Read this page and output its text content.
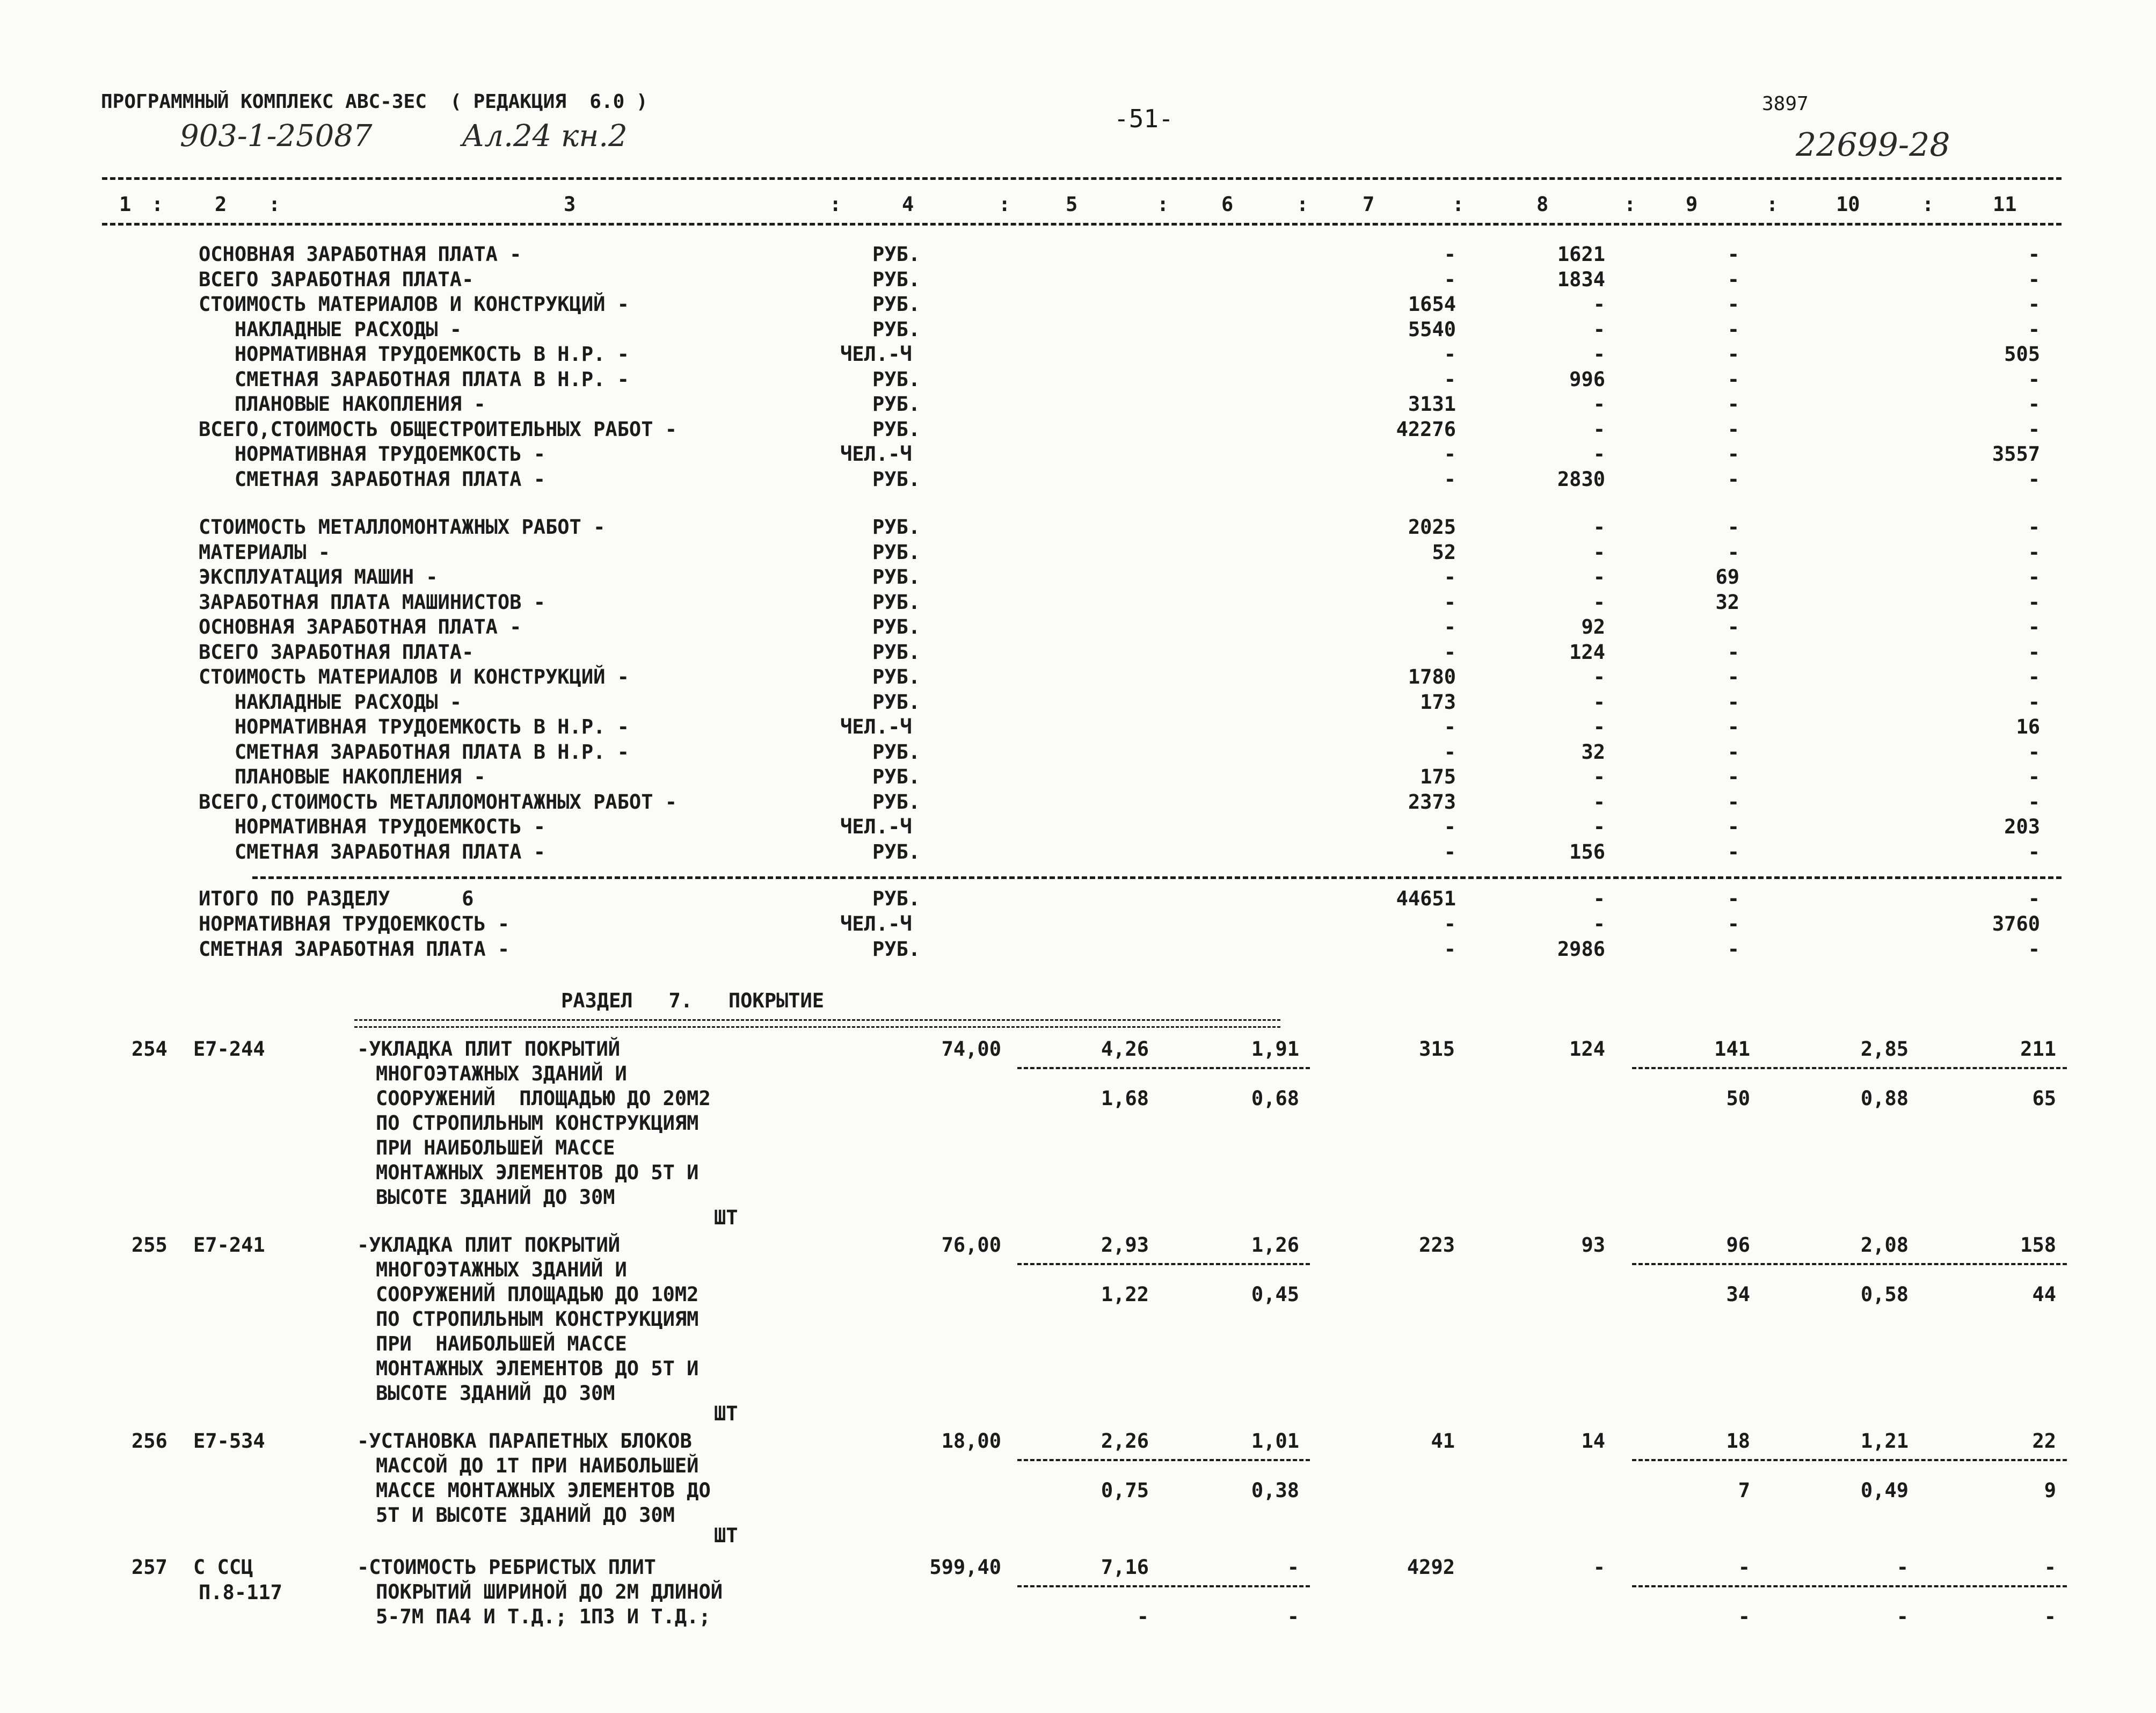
ПРОГРАММНЫЙ КОМПЛЕКС АВС-ЗЕС  ( РЕДАКЦИЯ  6.0 )
903-1-25087	Ал.24 кн.2	-51-
3897
22699-28
1 :	2 :	3	:	4	:	5	:	6	:	7	:	8	:	9	:	10	:	11
ОСНОВНАЯ ЗАРАБОТНАЯ ПЛАТА -	РУБ.	-	1621	-	-
ВСЕГО ЗАРАБОТНАЯ ПЛАТА-	РУБ.	-	1834	-	-
СТОИМОСТЬ МАТЕРИАЛОВ И КОНСТРУКЦИЙ -	РУБ.	1654	-	-	-
НАКЛАДНЫЕ РАСХОДЫ -	РУБ.	5540	-	-	-
НОРМАТИВНАЯ ТРУДОЕМКОСТЬ В Н.Р. -	ЧЕЛ.-Ч	-	-	-	505
СМЕТНАЯ ЗАРАБОТНАЯ ПЛАТА В Н.Р. -	РУБ.	-	996	-	-
ПЛАНОВЫЕ НАКОПЛЕНИЯ -	РУБ.	3131	-	-	-
ВСЕГО,СТОИМОСТЬ ОБЩЕСТРОИТЕЛЬНЫХ РАБОТ -	РУБ.	42276	-	-	-
НОРМАТИВНАЯ ТРУДОЕМКОСТЬ -	ЧЕЛ.-Ч	-	-	-	3557
СМЕТНАЯ ЗАРАБОТНАЯ ПЛАТА -	РУБ.	-	2830	-	-
СТОИМОСТЬ МЕТАЛЛОМОНТАЖНЫХ РАБОТ -	РУБ.	2025	-	-	-
МАТЕРИАЛЫ -	РУБ.	52	-	-	-
ЭКСПЛУАТАЦИЯ МАШИН -	РУБ.	-	-	69	-
ЗАРАБОТНАЯ ПЛАТА МАШИНИСТОВ -	РУБ.	-	-	32	-
ОСНОВНАЯ ЗАРАБОТНАЯ ПЛАТА -	РУБ.	-	92	-	-
ВСЕГО ЗАРАБОТНАЯ ПЛАТА-	РУБ.	-	124	-	-
СТОИМОСТЬ МАТЕРИАЛОВ И КОНСТРУКЦИЙ -	РУБ.	1780	-	-	-
НАКЛАДНЫЕ РАСХОДЫ -	РУБ.	173	-	-	-
НОРМАТИВНАЯ ТРУДОЕМКОСТЬ В Н.Р. -	ЧЕЛ.-Ч	-	-	-	16
СМЕТНАЯ ЗАРАБОТНАЯ ПЛАТА В Н.Р. -	РУБ.	-	32	-	-
ПЛАНОВЫЕ НАКОПЛЕНИЯ -	РУБ.	175	-	-	-
ВСЕГО,СТОИМОСТЬ МЕТАЛЛОМОНТАЖНЫХ РАБОТ -	РУБ.	2373	-	-	-
НОРМАТИВНАЯ ТРУДОЕМКОСТЬ -	ЧЕЛ.-Ч	-	-	-	203
СМЕТНАЯ ЗАРАБОТНАЯ ПЛАТА -	РУБ.	-	156	-	-
ИТОГО ПО РАЗДЕЛУ      6	РУБ.	44651	-	-	-
НОРМАТИВНАЯ ТРУДОЕМКОСТЬ -	ЧЕЛ.-Ч	-	-	-	3760
СМЕТНАЯ ЗАРАБОТНАЯ ПЛАТА -	РУБ.	-	2986	-	-
РАЗДЕЛ   7.   ПОКРЫТИЕ
254 Е7-244	-УКЛАДКА ПЛИТ ПОКРЫТИЙ
МНОГОЭТАЖНЫХ ЗДАНИЙ И
СООРУЖЕНИЙ  ПЛОЩАДЬЮ ДО 20М2
ПО СТРОПИЛЬНЫМ КОНСТРУКЦИЯМ
ПРИ НАИБОЛЬШЕЙ МАССЕ
МОНТАЖНЫХ ЭЛЕМЕНТОВ ДО 5Т И
ВЫСОТЕ ЗДАНИЙ ДО 30М
ШТ
74,00	4,26	1,91	315	124	141	2,85	211
1,68	0,68	50	0,88	65
255 Е7-241	-УКЛАДКА ПЛИТ ПОКРЫТИЙ
МНОГОЭТАЖНЫХ ЗДАНИЙ И
СООРУЖЕНИЙ ПЛОЩАДЬЮ ДО 10М2
ПО СТРОПИЛЬНЫМ КОНСТРУКЦИЯМ
ПРИ  НАИБОЛЬШЕЙ МАССЕ
МОНТАЖНЫХ ЭЛЕМЕНТОВ ДО 5Т И
ВЫСОТЕ ЗДАНИЙ ДО 30М
ШТ
76,00	2,93	1,26	223	93	96	2,08	158
1,22	0,45	34	0,58	44
256 Е7-534	-УСТАНОВКА ПАРАПЕТНЫХ БЛОКОВ
МАССОЙ ДО 1Т ПРИ НАИБОЛЬШЕЙ
МАССЕ МОНТАЖНЫХ ЭЛЕМЕНТОВ ДО
5Т И ВЫСОТЕ ЗДАНИЙ ДО 30М
ШТ
18,00	2,26	1,01	41	14	18	1,21	22
0,75	0,38	7	0,49	9
257 С ССЦ
П.8-117
-СТОИМОСТЬ РЕБРИСТЫХ ПЛИТ
ПОКРЫТИЙ ШИРИНОЙ ДО 2М ДЛИНОЙ
5-7М ПА4 И Т.Д.; 1П3 И Т.Д.;
599,40	7,16	-	4292	-	-	-	-
-	-	-	-	-
